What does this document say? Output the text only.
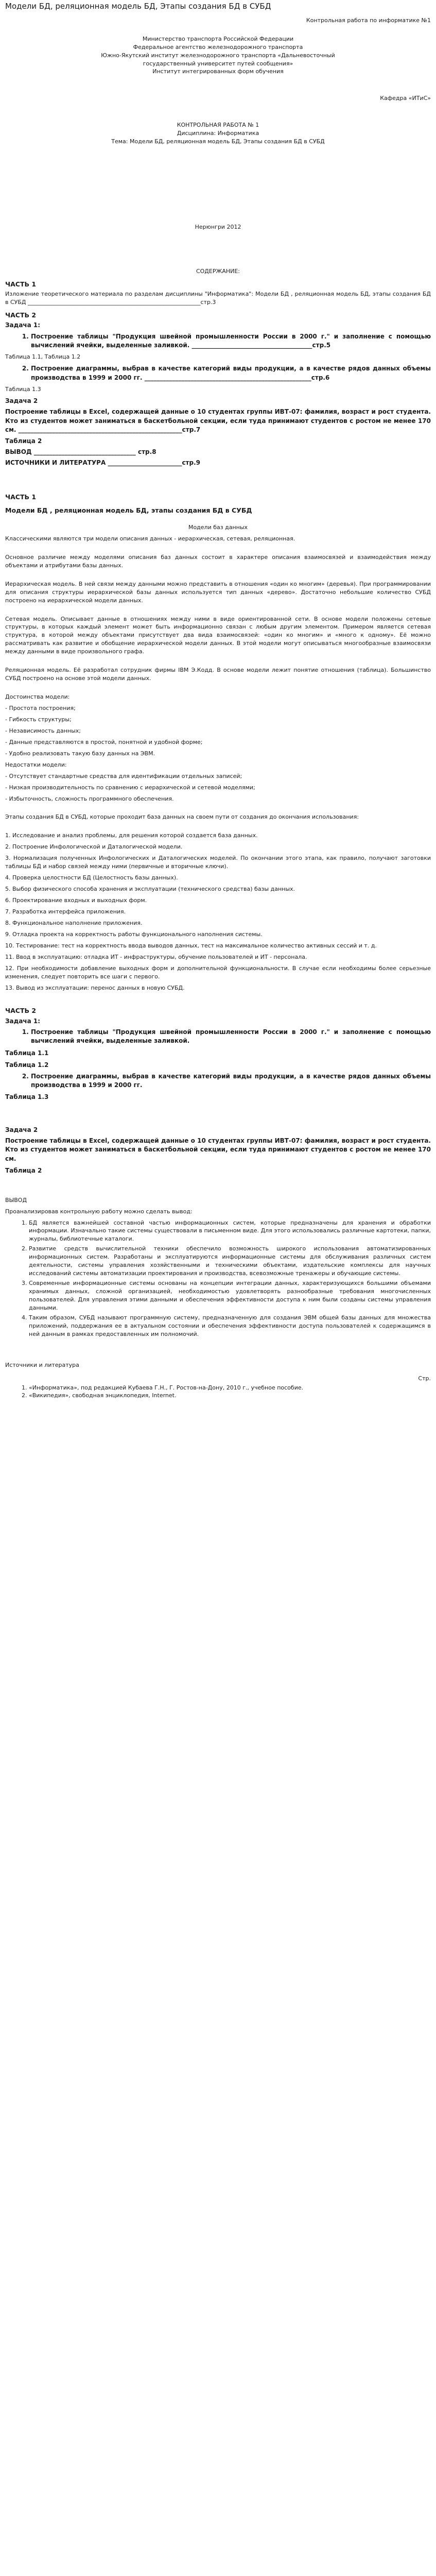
Модели БД, реляционная модель БД, Этапы создания БД в СУБД
Контрольная работа по информатике №1
Министерство транспорта Российской Федерации
Федеральное агентство железнодорожного транспорта
Южно-Якутский институт железнодорожного транспорта «Дальневосточный
государственный университет путей сообщения»
Институт интегрированных форм обучения
Кафедра «ИТиС»
КОНТРОЛЬНАЯ РАБОТА № 1
Дисциплина: Информатика
Тема: Модели БД, реляционная модель БД, Этапы создания БД в СУБД
Нерюнгри 2012
СОДЕРЖАНИЕ:
ЧАСТЬ 1
Изложение теоретического материала по разделам дисциплины "Информатика": Модели БД , реляционная модель БД, этапы создания БД в СУБД _____________________________________________________________стр.3
ЧАСТЬ 2
Задача 1:
1. Построение таблицы "Продукция швейной промышленности России в 2000 г." и заполнение с помощью вычислений ячейки, выделенные заливкой. _______________________________________стр.5
Таблица 1.1, Таблица 1.2
2. Построение диаграммы, выбрав в качестве категорий виды продукции, а в качестве рядов данных объемы производства в 1999 и 2000 гг. ______________________________________________________стр.6
Таблица 1.3
Задача 2
Построение таблицы в Excel, содержащей данные о 10 студентах группы ИВТ-07: фамилия, возраст и рост студента. Кто из студентов может заниматься в баскетбольной секции, если туда принимают студентов с ростом не менее 170 см. _____________________________________________________стр.7
Таблица 2
ВЫВОД _________________________________ стр.8
ИСТОЧНИКИ И ЛИТЕРАТУРА ________________________стр.9
ЧАСТЬ 1
Модели БД , реляционная модель БД, этапы создания БД в СУБД
Модели баз данных
Классическими являются три модели описания данных - иерархическая, сетевая, реляционная.
Основное различие между моделями описания баз данных состоит в характере описания взаимосвязей и взаимодействия между объектами и атрибутами базы данных.
Иерархическая модель. В ней связи между данными можно представить в отношения «один ко многим» (деревья). При программировании для описания структуры иерархической базы данных используется тип данных «дерево». Достаточно небольшие количество СУБД построено на иерархической модели данных.
Сетевая модель. Описывает данные в отношениях между ними в виде ориентированной сети. В основе модели положены сетевые структуры, в которых каждый элемент может быть информационно связан с любым другим элементом. Примером является сетевая структура, в которой между объектами присутствует два вида взаимосвязей: «один ко многим» и «много к одному». Её можно рассматривать как развитие и обобщение иерархической модели данных. В этой модели могут описываться многообразные взаимосвязи между данными в виде произвольного графа.
Реляционная модель. Её разработал сотрудник фирмы IBM Э.Кодд. В основе модели лежит понятие отношения (таблица). Большинство СУБД построено на основе этой модели данных.
Достоинства модели:
- Простота построения;
- Гибкость структуры;
- Независимость данных;
- Данные представляются в простой, понятной и удобной форме;
- Удобно реализовать такую базу данных на ЭВМ.
Недостатки модели:
- Отсутствует стандартные средства для идентификации отдельных записей;
- Низкая производительность по сравнению с иерархической и сетевой моделями;
- Избыточность, сложность программного обеспечения.
Этапы создания БД в СУБД, которые проходит база данных на своем пути от создания до окончания использования:
1. Исследование и анализ проблемы, для решения которой создается база данных.
2. Построение Инфологической и Даталогической модели.
3. Нормализация полученных Инфологических и Даталогических моделей. По окончании этого этапа, как правило, получают заготовки таблицы БД и набор связей между ними (первичные и вторичные ключи).
4. Проверка целостности БД (Целостность базы данных).
5. Выбор физического способа хранения и эксплуатации (технического средства) базы данных.
6. Проектирование входных и выходных форм.
7. Разработка интерфейса приложения.
8. Функциональное наполнение приложения.
9. Отладка проекта на корректность работы функционального наполнения системы.
10. Тестирование: тест на корректность ввода выводов данных, тест на максимальное количество активных сессий и т. д.
11. Ввод в эксплуатацию: отладка ИТ - инфраструктуры, обучение пользователей и ИТ - персонала.
12. При необходимости добавление выходных форм и дополнительной функциональности. В случае если необходимы более серьезные изменения, следует повторить все шаги с первого.
13. Вывод из эксплуатации: перенос данных в новую СУБД.
ЧАСТЬ 2
Задача 1:
1. Построение таблицы "Продукция швейной промышленности России в 2000 г." и заполнение с помощью вычислений ячейки, выделенные заливкой.
Таблица 1.1
Таблица 1.2
2. Построение диаграммы, выбрав в качестве категорий виды продукции, а в качестве рядов данных объемы производства в 1999 и 2000 гг.
Таблица 1.3
Задача 2
Построение таблицы в Excel, содержащей данные о 10 студентах группы ИВТ-07: фамилия, возраст и рост студента. Кто из студентов может заниматься в баскетбольной секции, если туда принимают студентов с ростом не менее 170 см.
Таблица 2
ВЫВОД
Проанализировав контрольную работу можно сделать вывод:
1. БД является важнейшей составной частью информационных систем, которые предназначены для хранения и обработки информации. Изначально такие системы существовали в письменном виде. Для этого использовались различные картотеки, папки, журналы, библиотечные каталоги.
2. Развитие средств вычислительной техники обеспечило возможность широкого использования автоматизированных информационных систем. Разработаны и эксплуатируются информационные системы для обслуживания различных систем деятельности, системы управления хозяйственными и техническими объектами, издательские комплексы для научных исследований системы автоматизации проектирования и производства, всевозможные тренажеры и обучающие системы.
3. Современные информационные системы основаны на концепции интеграции данных, характеризующихся большими объемами хранимых данных, сложной организацией, необходимостью удовлетворять разнообразные требования многочисленных пользователей. Для управления этими данными и обеспечения эффективности доступа к ним были созданы системы управления данными.
4. Таким образом, СУБД называют программную систему, предназначенную для создания ЭВМ общей базы данных для множества приложений, поддержания ее в актуальном состоянии и обеспечения эффективности доступа пользователей к содержащимся в ней данным в рамках предоставленных им полномочий.
Источники и литература
Стр.
1. «Информатика», под редакцией Кубаева Г.Н., Г. Ростов-на-Дону, 2010 г., учебное пособие.
2. «Википедия», свободная энциклопедия, Internet.
